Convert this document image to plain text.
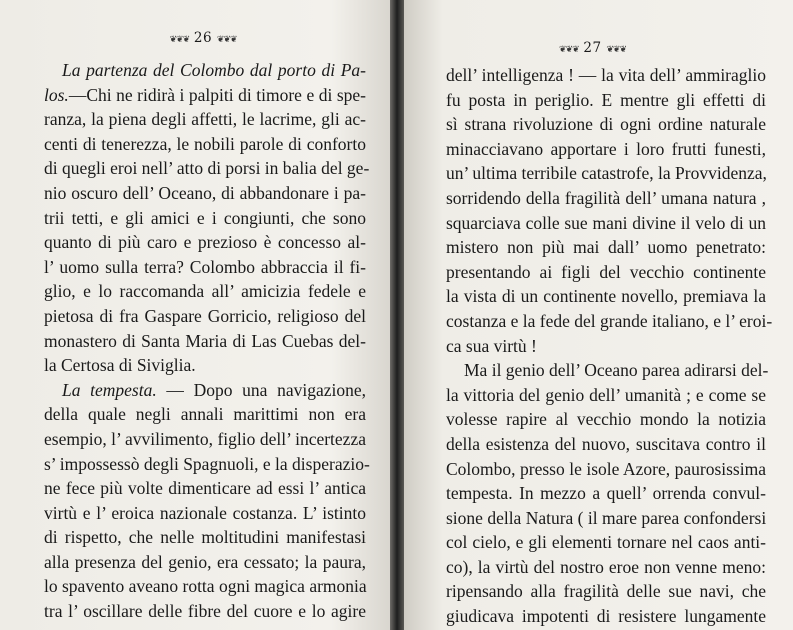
❦❦❦ 26 ❦❦❦
La partenza del Colombo dal porto di Pa-
los.—Chi ne ridirà i palpiti di timore e di spe-
ranza, la piena degli affetti, le lacrime, gli ac-
centi di tenerezza, le nobili parole di conforto
di quegli eroi nell’ atto di porsi in balia del ge-
nio oscuro dell’ Oceano, di abbandonare i pa-
trii tetti, e gli amici e i congiunti, che sono
quanto di più caro e prezioso è concesso al-
l’ uomo sulla terra? Colombo abbraccia il fi-
glio, e lo raccomanda all’ amicizia fedele e
pietosa di fra Gaspare Gorricio, religioso del
monastero di Santa Maria di Las Cuebas del-
la Certosa di Siviglia.
La tempesta. — Dopo una navigazione,
della quale negli annali marittimi non era
esempio, l’ avvilimento, figlio dell’ incertezza
s’ impossessò degli Spagnuoli, e la disperazio-
ne fece più volte dimenticare ad essi l’ antica
virtù e l’ eroica nazionale costanza. L’ istinto
di rispetto, che nelle moltitudini manifestasi
alla presenza del genio, era cessato; la paura,
lo spavento aveano rotta ogni magica armonia
tra l’ oscillare delle fibre del cuore e lo agire
❦❦❦ 27 ❦❦❦
dell’ intelligenza ! — la vita dell’ ammiraglio
fu posta in periglio. E mentre gli effetti di
sì strana rivoluzione di ogni ordine naturale
minacciavano apportare i loro frutti funesti,
un’ ultima terribile catastrofe, la Provvidenza,
sorridendo della fragilità dell’ umana natura ,
squarciava colle sue mani divine il velo di un
mistero non più mai dall’ uomo penetrato:
presentando ai figli del vecchio continente
la vista di un continente novello, premiava la
costanza e la fede del grande italiano, e l’ eroi-
ca sua virtù !
Ma il genio dell’ Oceano parea adirarsi del-
la vittoria del genio dell’ umanità ; e come se
volesse rapire al vecchio mondo la notizia
della esistenza del nuovo, suscitava contro il
Colombo, presso le isole Azore, paurosissima
tempesta. In mezzo a quell’ orrenda convul-
sione della Natura ( il mare parea confondersi
col cielo, e gli elementi tornare nel caos anti-
co), la virtù del nostro eroe non venne meno:
ripensando alla fragilità delle sue navi, che
giudicava impotenti di resistere lungamente
